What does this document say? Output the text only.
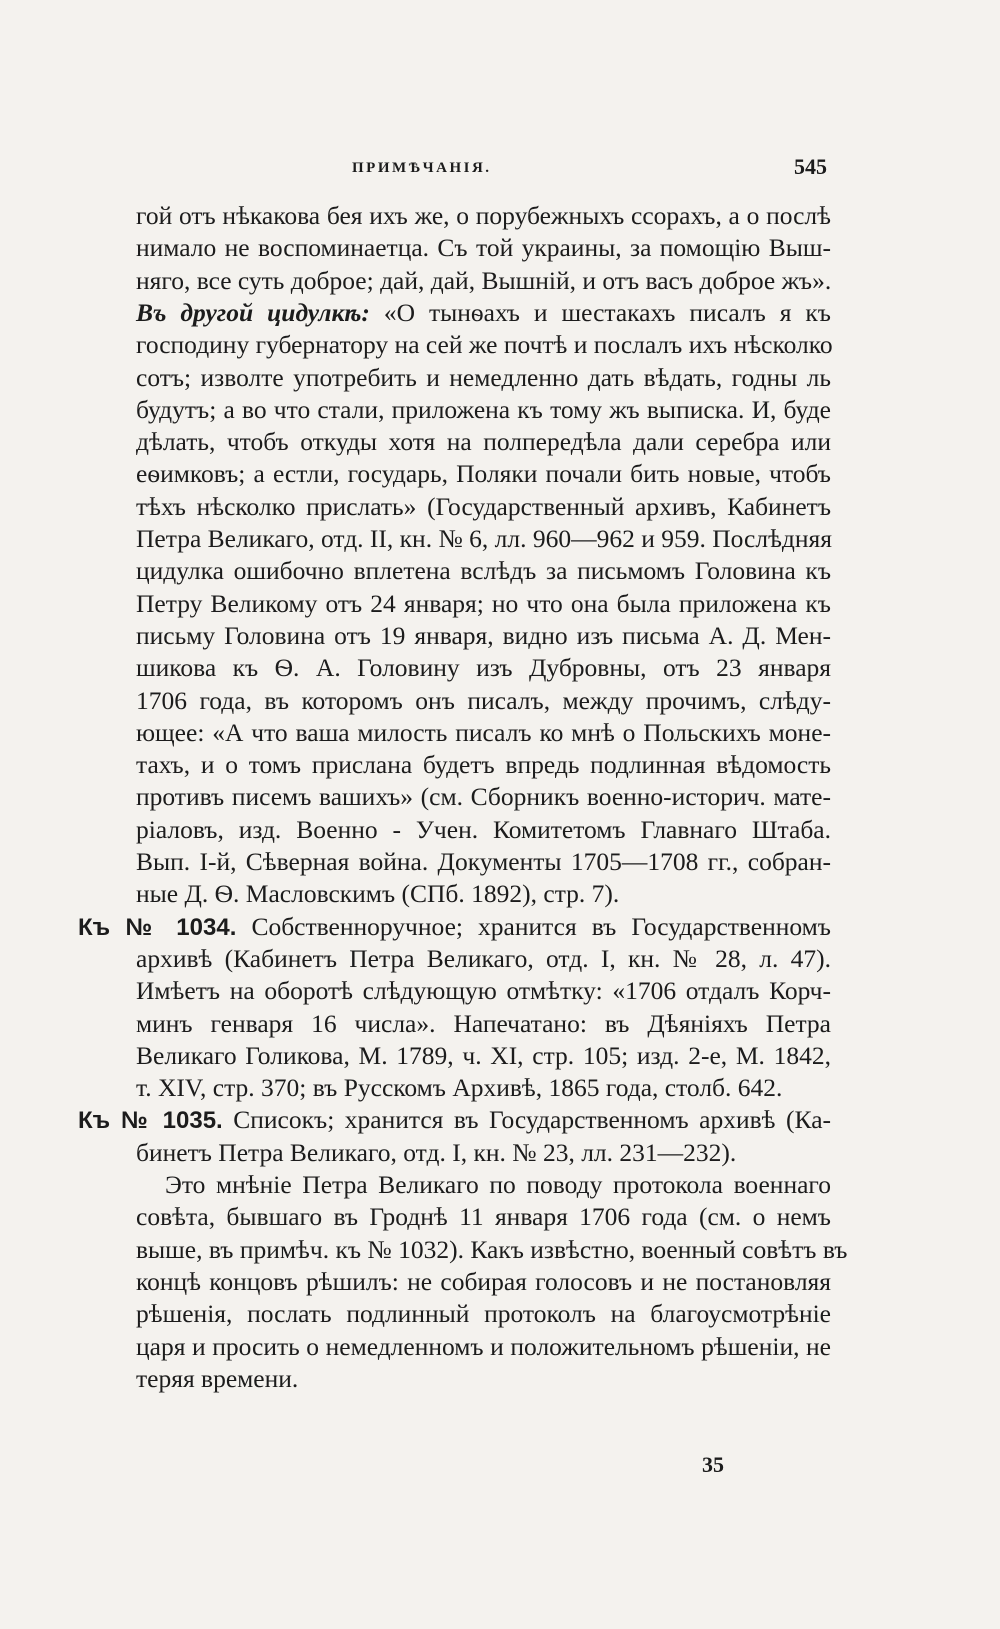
ПРИМѢЧАНІЯ.	545
гой отъ нѣкакова бея ихъ же, о порубежныхъ ссорахъ, а о послѣ
нимало не воспоминаетца. Съ той украины, за помощію Выш-
няго, все суть доброе; дай, дай, Вышній, и отъ васъ доброе жъ».
Въ другой цидулкѣ: «О тынѳахъ и шестакахъ писалъ я къ
господину губернатору на сей же почтѣ и послалъ ихъ нѣсколко
сотъ; изволте употребить и немедленно дать вѣдать, годны ль
будутъ; а во что стали, приложена къ тому жъ выписка. И, буде
дѣлать, чтобъ откуды хотя на полпередѣла дали серебра или
еѳимковъ; а естли, государь, Поляки почали бить новые, чтобъ
тѣхъ нѣсколко прислать» (Государственный архивъ, Кабинетъ
Петра Великаго, отд. II, кн. № 6, лл. 960—962 и 959. Послѣдняя
цидулка ошибочно вплетена вслѣдъ за письмомъ Головина къ
Петру Великому отъ 24 января; но что она была приложена къ
письму Головина отъ 19 января, видно изъ письма А. Д. Мен-
шикова къ Ѳ. А. Головину изъ Дубровны, отъ 23 января
1706 года, въ которомъ онъ писалъ, между прочимъ, слѣду-
ющее: «А что ваша милость писалъ ко мнѣ о Польскихъ моне-
тахъ, и о томъ прислана будетъ впредь подлинная вѣдомость
противъ писемъ вашихъ» (см. Сборникъ военно-историч. мате-
ріаловъ, изд. Военно - Учен. Комитетомъ Главнаго Штаба.
Вып. І-й, Сѣверная война. Документы 1705—1708 гг., собран-
ные Д. Ѳ. Масловскимъ (СПб. 1892), стр. 7).
Къ № 1034. Собственноручное; хранится въ Государственномъ
архивѣ (Кабинетъ Петра Великаго, отд. І, кн. № 28, л. 47).
Имѣетъ на оборотѣ слѣдующую отмѣтку: «1706 отдалъ Корч-
минъ генваря 16 числа». Напечатано: въ Дѣяніяхъ Петра
Великаго Голикова, М. 1789, ч. XI, стр. 105; изд. 2-е, М. 1842,
т. XIV, стр. 370; въ Русскомъ Архивѣ, 1865 года, столб. 642.
Къ № 1035. Списокъ; хранится въ Государственномъ архивѣ (Ка-
бинетъ Петра Великаго, отд. І, кн. № 23, лл. 231—232).
Это мнѣніе Петра Великаго по поводу протокола военнаго
совѣта, бывшаго въ Гроднѣ 11 января 1706 года (см. о немъ
выше, въ примѣч. къ № 1032). Какъ извѣстно, военный совѣтъ въ
концѣ концовъ рѣшилъ: не собирая голосовъ и не постановляя
рѣшенія, послать подлинный протоколъ на благоусмотрѣніе
царя и просить о немедленномъ и положительномъ рѣшеніи, не
теряя времени.
35
